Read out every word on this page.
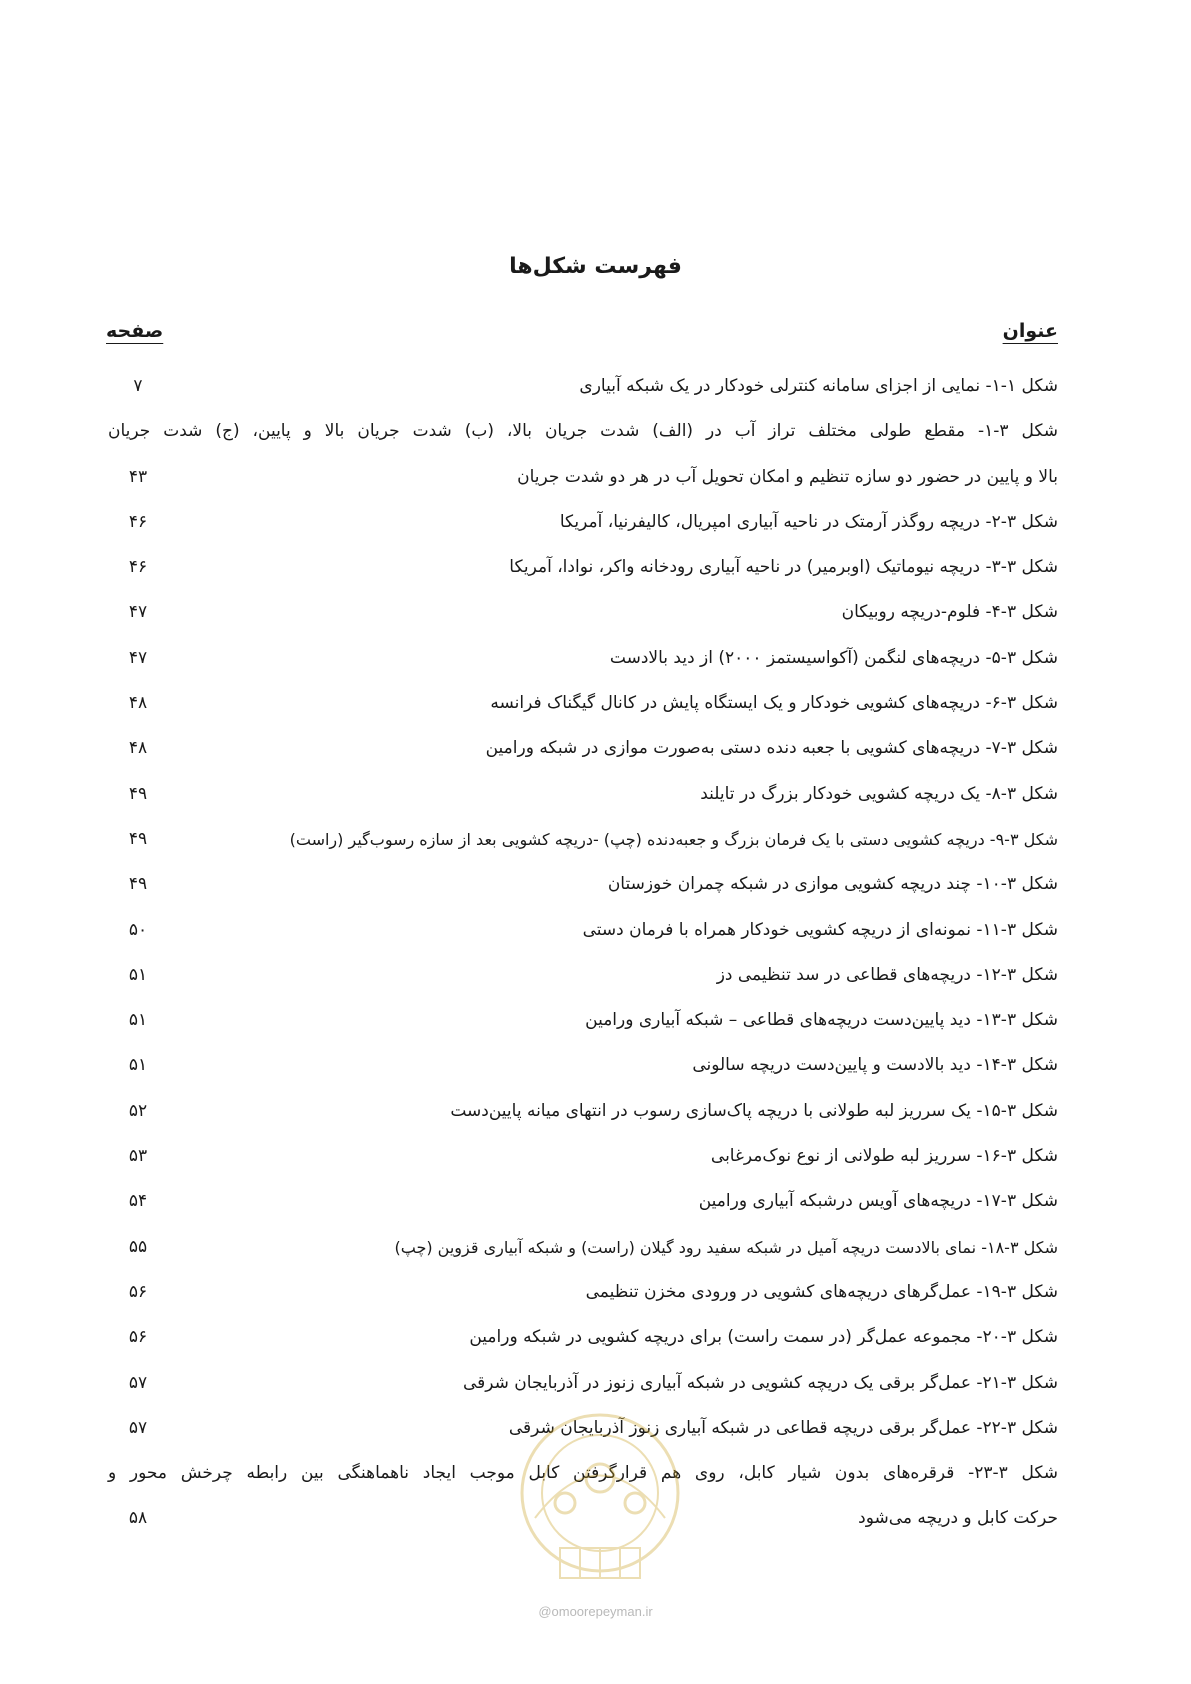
فهرست شکل‌ها
عنوان
صفحه
شکل ۱-۱- نمایی از اجزای سامانه کنترلی خودکار در یک شبکه آبیاری
۷
شکل ۳-۱- مقطع طولی مختلف تراز آب در (الف) شدت جریان بالا، (ب) شدت جریان بالا و پایین، (ج) شدت جریان
بالا و پایین در حضور دو سازه تنظیم و امکان تحویل آب در هر دو شدت جریان
۴۳
شکل ۳-۲- دریچه روگذر آرمتک در ناحیه آبیاری امپریال، کالیفرنیا، آمریکا
۴۶
شکل ۳-۳- دریچه نیوماتیک (اوبرمیر) در ناحیه آبیاری رودخانه واکر، نوادا، آمریکا
۴۶
شکل ۳-۴- فلوم-دریچه روبیکان
۴۷
شکل ۳-۵- دریچه‌های لنگمن (آکواسیستمز ۲۰۰۰) از دید بالادست
۴۷
شکل ۳-۶- دریچه‌های کشویی خودکار و یک ایستگاه پایش در کانال گیگناک فرانسه
۴۸
شکل ۳-۷- دریچه‌های کشویی با جعبه دنده دستی به‌صورت موازی در شبکه ورامین
۴۸
شکل ۳-۸- یک دریچه کشویی خودکار بزرگ در تایلند
۴۹
شکل ۳-۹- دریچه کشویی دستی با یک فرمان بزرگ و جعبه‌دنده (چپ) -دریچه کشویی بعد از سازه رسوب‌گیر (راست)
۴۹
شکل ۳-۱۰- چند دریچه کشویی موازی در شبکه چمران خوزستان
۴۹
شکل ۳-۱۱- نمونه‌ای از دریچه کشویی خودکار همراه با فرمان دستی
۵۰
شکل ۳-۱۲- دریچه‌های قطاعی در سد تنظیمی دز
۵۱
شکل ۳-۱۳- دید پایین‌دست دریچه‌های قطاعی – شبکه آبیاری ورامین
۵۱
شکل ۳-۱۴- دید بالادست و پایین‌دست دریچه سالونی
۵۱
شکل ۳-۱۵- یک سرریز لبه طولانی با دریچه پاک‌سازی رسوب در انتهای میانه پایین‌دست
۵۲
شکل ۳-۱۶- سرریز لبه طولانی از نوع نوک‌مرغابی
۵۳
شکل ۳-۱۷- دریچه‌های آویس درشبکه آبیاری ورامین
۵۴
شکل ۳-۱۸- نمای بالادست دریچه آمیل در شبکه سفید رود گیلان (راست) و شبکه آبیاری قزوین (چپ)
۵۵
شکل ۳-۱۹- عمل‌گرهای دریچه‌های کشویی در ورودی مخزن تنظیمی
۵۶
شکل ۳-۲۰- مجموعه عمل‌گر (در سمت راست) برای دریچه کشویی در شبکه ورامین
۵۶
شکل ۳-۲۱- عمل‌گر برقی یک دریچه کشویی در شبکه آبیاری زنوز در آذربایجان شرقی
۵۷
شکل ۳-۲۲- عمل‌گر برقی دریچه قطاعی در شبکه آبیاری زنوز آذربایجان شرقی
۵۷
شکل ۳-۲۳- قرقره‌های بدون شیار کابل، روی هم قرارگرفتن کابل موجب ایجاد ناهماهنگی بین رابطه چرخش محور و
حرکت کابل و دریچه می‌شود
۵۸
@omoorepeyman.ir
